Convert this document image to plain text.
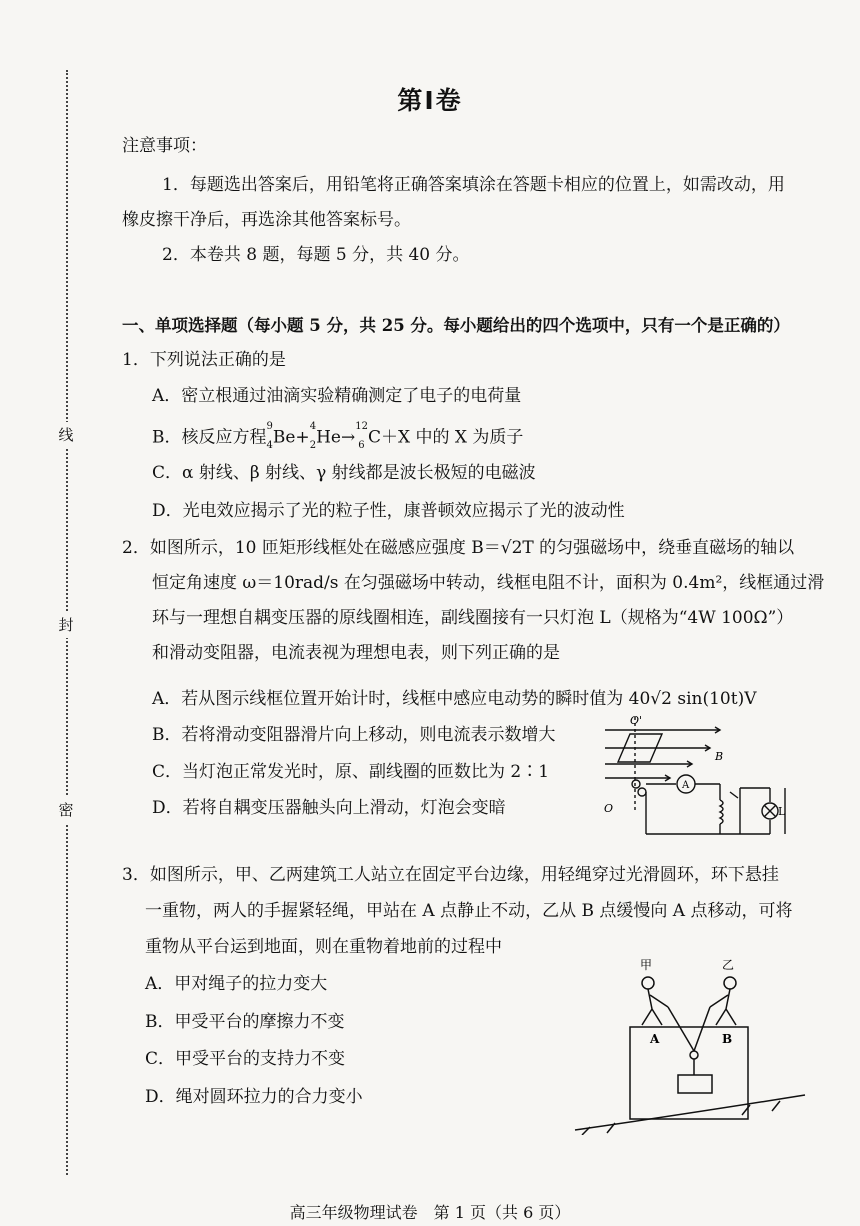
线
封
密
第Ⅰ卷
注意事项：
1．每题选出答案后，用铅笔将正确答案填涂在答题卡相应的位置上，如需改动，用
橡皮擦干净后，再选涂其他答案标号。
2．本卷共 8 题，每题 5 分，共 40 分。
一、单项选择题（每小题 5 分，共 25 分。每小题给出的四个选项中，只有一个是正确的）
1．下列说法正确的是
A．密立根通过油滴实验精确测定了电子的电荷量
B．核反应方程$^9$
4 Be+$^4$
2 He→$^{12}$
6 C＋X 中的 X 为质子
C．α 射线、β 射线、γ 射线都是波长极短的电磁波
D．光电效应揭示了光的粒子性，康普顿效应揭示了光的波动性
2．如图所示，10 匝矩形线框处在磁感应强度 B＝√2T 的匀强磁场中，绕垂直磁场的轴以
恒定角速度 ω＝10rad/s 在匀强磁场中转动，线框电阻不计，面积为 0.4m²，线框通过滑
环与一理想自耦变压器的原线圈相连，副线圈接有一只灯泡 L（规格为“4W 100Ω”）
和滑动变阻器，电流表视为理想电表，则下列正确的是
A．若从图示线框位置开始计时，线框中感应电动势的瞬时值为 40√2 sin(10t)V
B．若将滑动变阻器滑片向上移动，则电流表示数增大
C．当灯泡正常发光时，原、副线圈的匝数比为 2∶1
D．若将自耦变压器触头向上滑动，灯泡会变暗
O'
O
B
A
L
3．如图所示，甲、乙两建筑工人站立在固定平台边缘，用轻绳穿过光滑圆环，环下悬挂
一重物，两人的手握紧轻绳，甲站在 A 点静止不动，乙从 B 点缓慢向 A 点移动，可将
重物从平台运到地面，则在重物着地前的过程中
A．甲对绳子的拉力变大
B．甲受平台的摩擦力不变
C．甲受平台的支持力不变
D．绳对圆环拉力的合力变小
甲	乙
A	B
高三年级物理试卷　第 1 页（共 6 页）
